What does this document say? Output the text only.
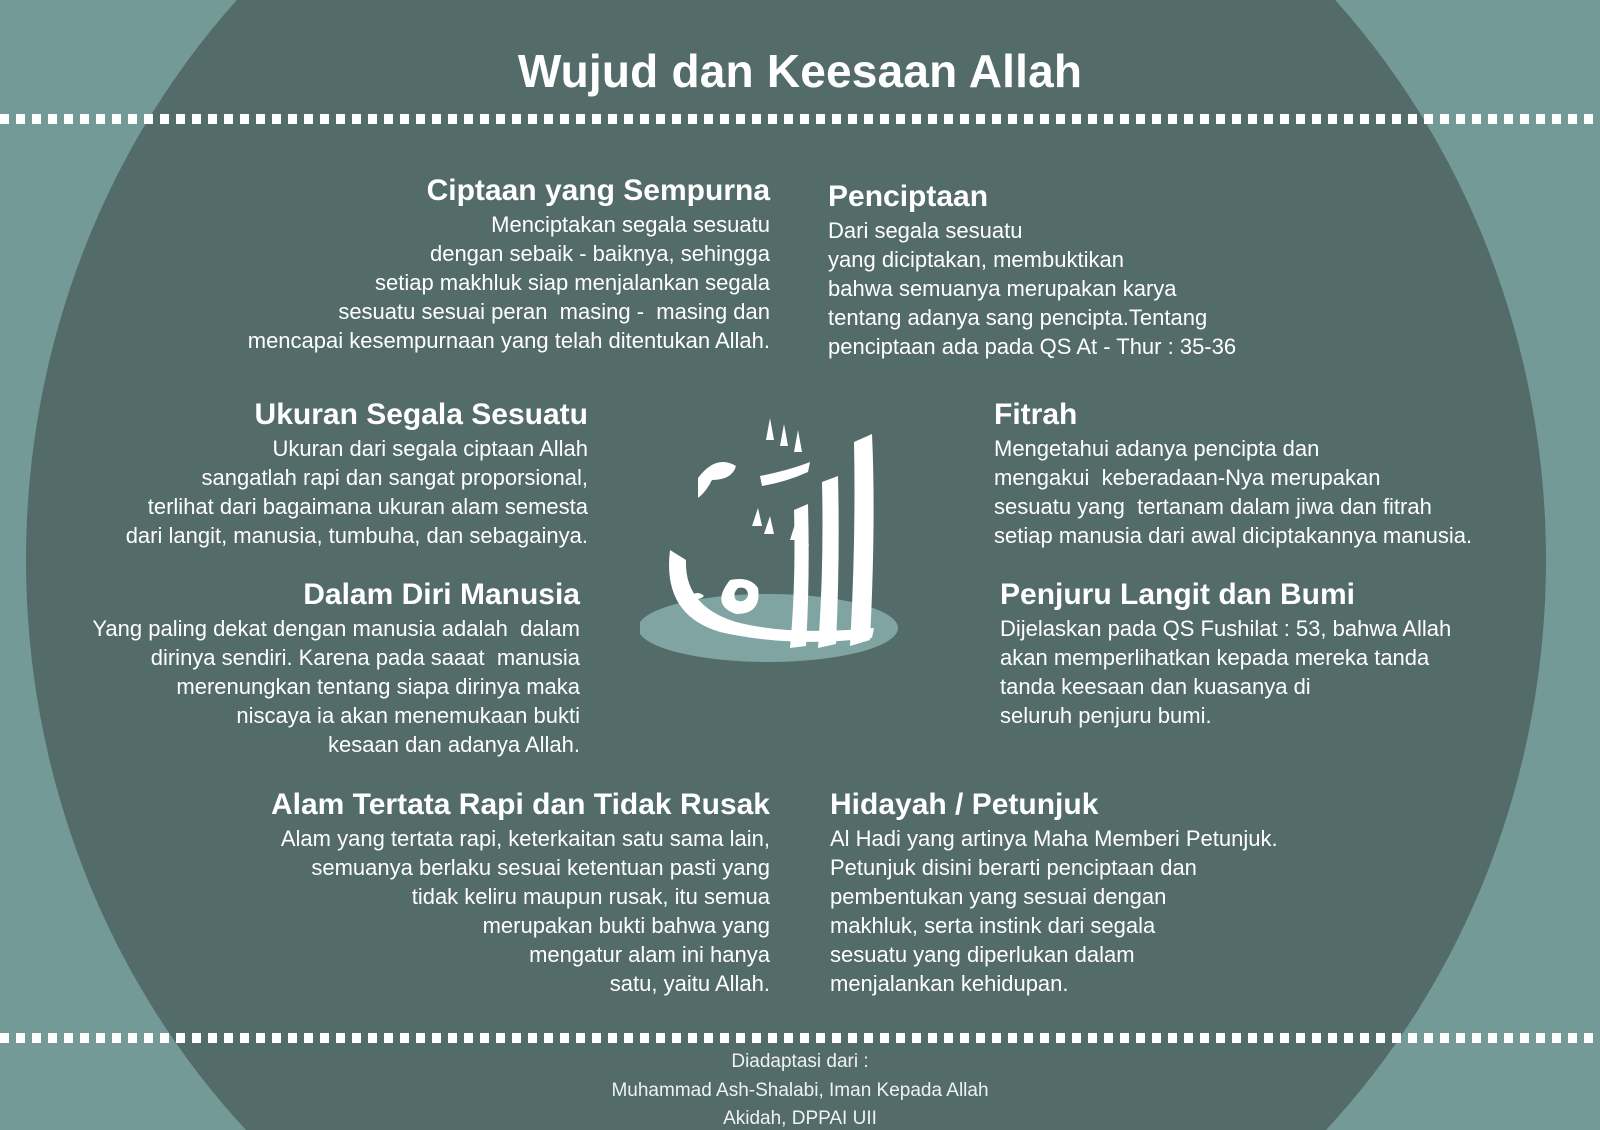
Wujud dan Keesaan Allah
Ciptaan yang Sempurna
Menciptakan segala sesuatu
dengan sebaik - baiknya, sehingga
setiap makhluk siap menjalankan segala
sesuatu sesuai peran  masing -  masing dan
mencapai kesempurnaan yang telah ditentukan Allah.
Penciptaan
Dari segala sesuatu
yang diciptakan, membuktikan
bahwa semuanya merupakan karya
tentang adanya sang pencipta.Tentang
penciptaan ada pada QS At - Thur : 35-36
Ukuran Segala Sesuatu
Ukuran dari segala ciptaan Allah
sangatlah rapi dan sangat proporsional,
terlihat dari bagaimana ukuran alam semesta
dari langit, manusia, tumbuha, dan sebagainya.
Fitrah
Mengetahui adanya pencipta dan
mengakui  keberadaan-Nya merupakan
sesuatu yang  tertanam dalam jiwa dan fitrah
setiap manusia dari awal diciptakannya manusia.
Dalam Diri Manusia
Yang paling dekat dengan manusia adalah  dalam
dirinya sendiri. Karena pada saaat  manusia
merenungkan tentang siapa dirinya maka
niscaya ia akan menemukaan bukti
kesaan dan adanya Allah.
Penjuru Langit dan Bumi
Dijelaskan pada QS Fushilat : 53, bahwa Allah
akan memperlihatkan kepada mereka tanda
tanda keesaan dan kuasanya di
seluruh penjuru bumi.
Alam Tertata Rapi dan Tidak Rusak
Alam yang tertata rapi, keterkaitan satu sama lain,
semuanya berlaku sesuai ketentuan pasti yang
tidak keliru maupun rusak, itu semua
merupakan bukti bahwa yang
mengatur alam ini hanya
satu, yaitu Allah.
Hidayah / Petunjuk
Al Hadi yang artinya Maha Memberi Petunjuk.
Petunjuk disini berarti penciptaan dan
pembentukan yang sesuai dengan
makhluk, serta instink dari segala
sesuatu yang diperlukan dalam
menjalankan kehidupan.
Diadaptasi dari :
Muhammad Ash-Shalabi, Iman Kepada Allah
Akidah, DPPAI UII
